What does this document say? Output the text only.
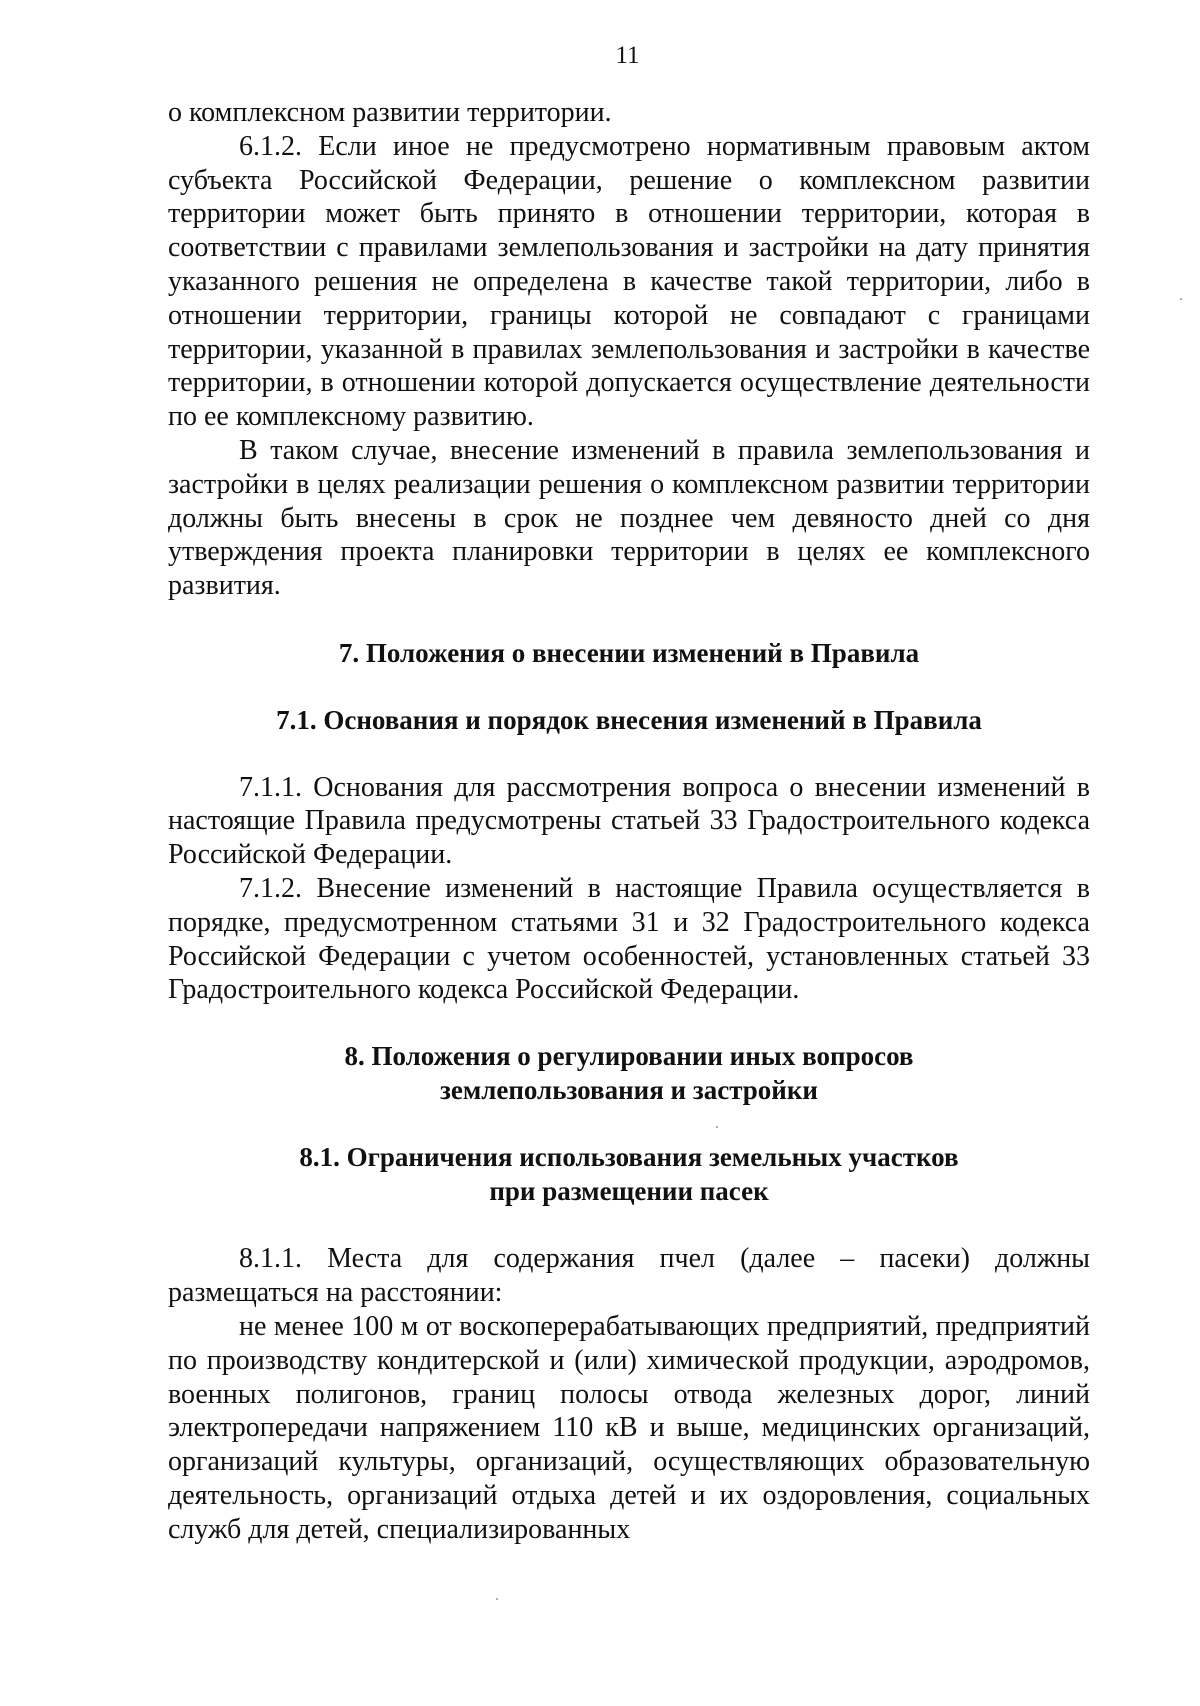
11

о комплексном развитии территории.

6.1.2. Если иное не предусмотрено нормативным правовым актом субъекта Российской Федерации, решение о комплексном развитии территории может быть принято в отношении территории, которая в соответствии с правилами землепользования и застройки на дату принятия указанного решения не определена в качестве такой территории, либо в отношении территории, границы которой не совпадают с границами территории, указанной в правилах землепользования и застройки в качестве территории, в отношении которой допускается осуществление деятельности по ее комплексному развитию.

В таком случае, внесение изменений в правила землепользования и застройки в целях реализации решения о комплексном развитии территории должны быть внесены в срок не позднее чем девяносто дней со дня утверждения проекта планировки территории в целях ее комплексного развития.

7. Положения о внесении изменений в Правила
7.1. Основания и порядок внесения изменений в Правила

7.1.1. Основания для рассмотрения вопроса о внесении изменений в настоящие Правила предусмотрены статьей 33 Градостроительного кодекса Российской Федерации.

7.1.2. Внесение изменений в настоящие Правила осуществляется в порядке, предусмотренном статьями 31 и 32 Градостроительного кодекса Российской Федерации с учетом особенностей, установленных статьей 33 Градостроительного кодекса Российской Федерации.

8. Положения о регулировании иных вопросов
землепользования и застройки
8.1. Ограничения использования земельных участков
при размещении пасек

8.1.1. Места для содержания пчел (далее – пасеки) должны размещаться на расстоянии:

не менее 100 м от воскоперерабатывающих предприятий, предприятий по производству кондитерской и (или) химической продукции, аэродромов, военных полигонов, границ полосы отвода железных дорог, линий электропередачи напряжением 110 кВ и выше, медицинских организаций, организаций культуры, организаций, осуществляющих образовательную деятельность, организаций отдыха детей и их оздоровления, социальных служб для детей, специализированных
